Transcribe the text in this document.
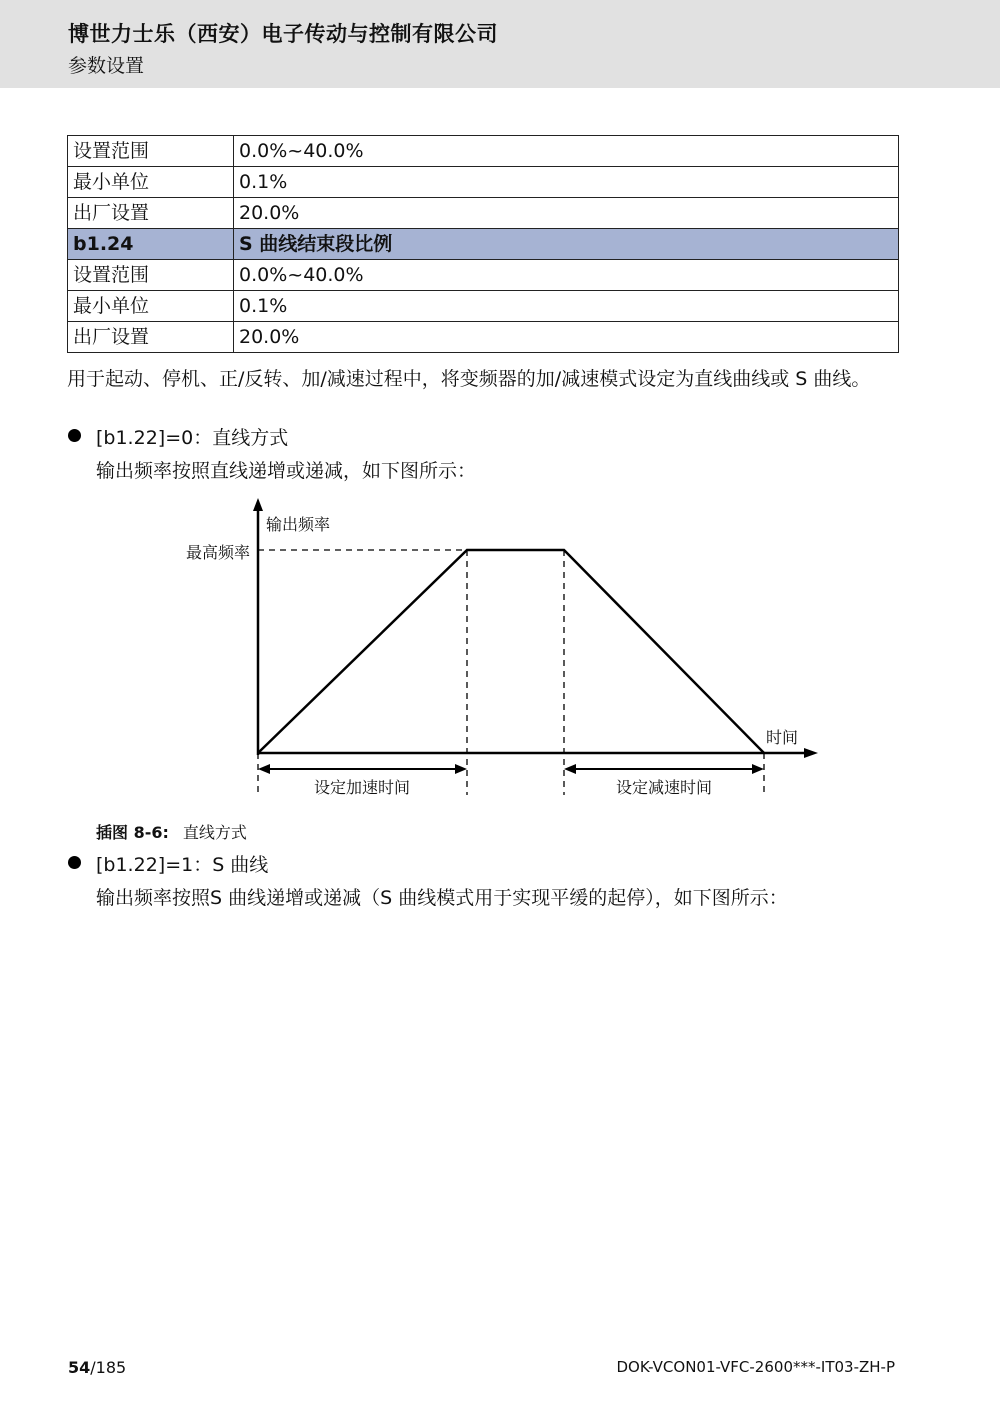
博世力士乐（西安）电子传动与控制有限公司
参数设置
设置范围	0.0%~40.0%
最小单位	0.1%
出厂设置	20.0%
b1.24	S 曲线结束段比例
设置范围	0.0%~40.0%
最小单位	0.1%
出厂设置	20.0%
用于起动、停机、正/反转、加/减速过程中，将变频器的加/减速模式设定为直线曲线或 S 曲线。
[b1.22]=0：直线方式
输出频率按照直线递增或递减，如下图所示：
输出频率
最高频率
时间
设定加速时间	设定减速时间
插图 8-6: 直线方式
[b1.22]=1：S 曲线
输出频率按照S 曲线递增或递减（S 曲线模式用于实现平缓的起停），如下图所示：
54/185	DOK-VCON01-VFC-2600***-IT03-ZH-P
